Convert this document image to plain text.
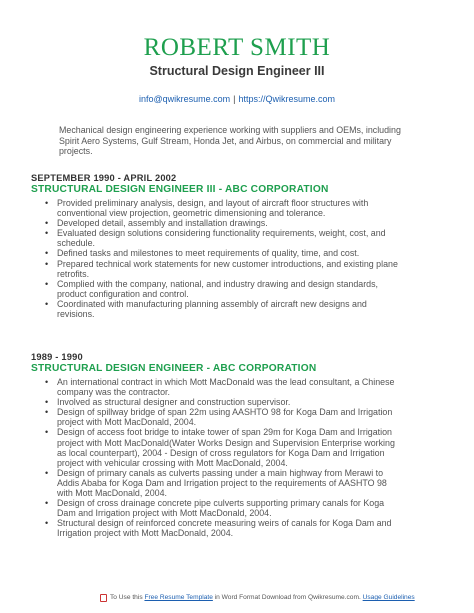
ROBERT SMITH
Structural Design Engineer III
info@qwikresume.com | https://Qwikresume.com
Mechanical design engineering experience working with suppliers and OEMs, including Spirit Aero Systems, Gulf Stream, Honda Jet, and Airbus, on commercial and military projects.
SEPTEMBER 1990 - APRIL 2002
STRUCTURAL DESIGN ENGINEER III - ABC CORPORATION
• Provided preliminary analysis, design, and layout of aircraft floor structures with conventional view projection, geometric dimensioning and tolerance.
• Developed detail, assembly and installation drawings.
• Evaluated design solutions considering functionality requirements, weight, cost, and schedule.
• Defined tasks and milestones to meet requirements of quality, time, and cost.
• Prepared technical work statements for new customer introductions, and existing plane retrofits.
• Complied with the company, national, and industry drawing and design standards, product configuration and control.
• Coordinated with manufacturing planning assembly of aircraft new designs and revisions.
1989 - 1990
STRUCTURAL DESIGN ENGINEER - ABC CORPORATION
• An international contract in which Mott MacDonald was the lead consultant, a Chinese company was the contractor.
• Involved as structural designer and construction supervisor.
• Design of spillway bridge of span 22m using AASHTO 98 for Koga Dam and Irrigation project with Mott MacDonald, 2004.
• Design of access foot bridge to intake tower of span 29m for Koga Dam and Irrigation project with Mott MacDonald(Water Works Design and Supervision Enterprise working as local counterpart), 2004 - Design of cross regulators for Koga Dam and Irrigation project with vehicular crossing with Mott MacDonald, 2004.
• Design of primary canals as culverts passing under a main highway from Merawi to Addis Ababa for Koga Dam and Irrigation project to the requirements of AASHTO 98 with Mott MacDonald, 2004.
• Design of cross drainage concrete pipe culverts supporting primary canals for Koga Dam and Irrigation project with Mott MacDonald, 2004.
• Structural design of reinforced concrete measuring weirs of canals for Koga Dam and Irrigation project with Mott MacDonald, 2004.
To Use this Free Resume Template in Word Format Download from Qwikresume.com. Usage Guidelines
